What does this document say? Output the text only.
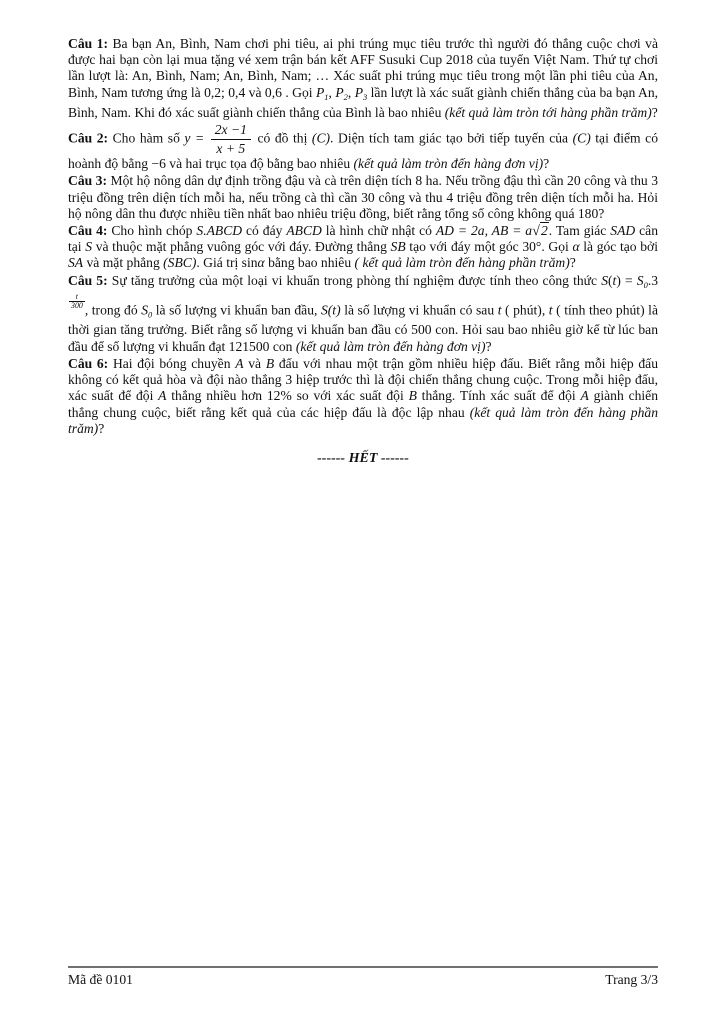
Câu 1: Ba bạn An, Bình, Nam chơi phi tiêu, ai phi trúng mục tiêu trước thì người đó thắng cuộc chơi và được hai bạn còn lại mua tặng vé xem trận bán kết AFF Susuki Cup 2018 của tuyển Việt Nam. Thứ tự chơi lần lượt là: An, Bình, Nam; An, Bình, Nam; … Xác suất phi trúng mục tiêu trong một lần phi tiêu của An, Bình, Nam tương ứng là 0,2; 0,4 và 0,6 . Gọi $P_1$, $P_2$, $P_3$ lần lượt là xác suất giành chiến thắng của ba bạn An, Bình, Nam. Khi đó xác suất giành chiến thắng của Bình là bao nhiêu (kết quả làm tròn tới hàng phần trăm)?

Câu 2: Cho hàm số $y = \frac{2x -1}{x + 5}$ có đồ thị (C). Diện tích tam giác tạo bởi tiếp tuyến của (C) tại điểm có hoành độ bằng −6 và hai trục tọa độ bằng bao nhiêu (kết quả làm tròn đến hàng đơn vị)?

Câu 3: Một hộ nông dân dự định trồng đậu và cà trên diện tích 8 ha. Nếu trồng đậu thì cần 20 công và thu 3 triệu đồng trên diện tích mỗi ha, nếu trồng cà thì cần 30 công và thu 4 triệu đồng trên diện tích mỗi ha. Hỏi hộ nông dân thu được nhiều tiền nhất bao nhiêu triệu đồng, biết rằng tổng số công không quá 180?

Câu 4: Cho hình chóp S.ABCD có đáy ABCD là hình chữ nhật có AD = 2a, AB = a√2. Tam giác SAD cân tại S và thuộc mặt phẳng vuông góc với đáy. Đường thẳng SB tạo với đáy một góc 30°. Gọi α là góc tạo bởi SA và mặt phẳng (SBC). Giá trị sinα bằng bao nhiêu ( kết quả làm tròn đến hàng phần trăm)?

Câu 5: Sự tăng trưởng của một loại vi khuẩn trong phòng thí nghiệm được tính theo công thức $S(t) = S_0.3$
$\frac{t}{300}$ , trong đó $S_0$ là số lượng vi khuẩn ban đầu, S(t) là số lượng vi khuẩn có sau t ( phút), t ( tính theo phút) là thời gian tăng trưởng. Biết rằng số lượng vi khuẩn ban đầu có 500 con. Hỏi sau bao nhiêu giờ kể từ lúc ban đầu để số lượng vi khuẩn đạt 121500 con (kết quả làm tròn đến hàng đơn vị)?

Câu 6: Hai đội bóng chuyền A và B đấu với nhau một trận gồm nhiều hiệp đấu. Biết rằng mỗi hiệp đấu không có kết quả hòa và đội nào thắng 3 hiệp trước thì là đội chiến thắng chung cuộc. Trong mỗi hiệp đấu, xác suất để đội A thắng nhiều hơn 12% so với xác suất đội B thắng. Tính xác suất để đội A giành chiến thắng chung cuộc, biết rằng kết quả của các hiệp đấu là độc lập nhau (kết quả làm tròn đến hàng phần trăm)?

------ HẾT ------

Mã đề 0101	Trang 3/3
